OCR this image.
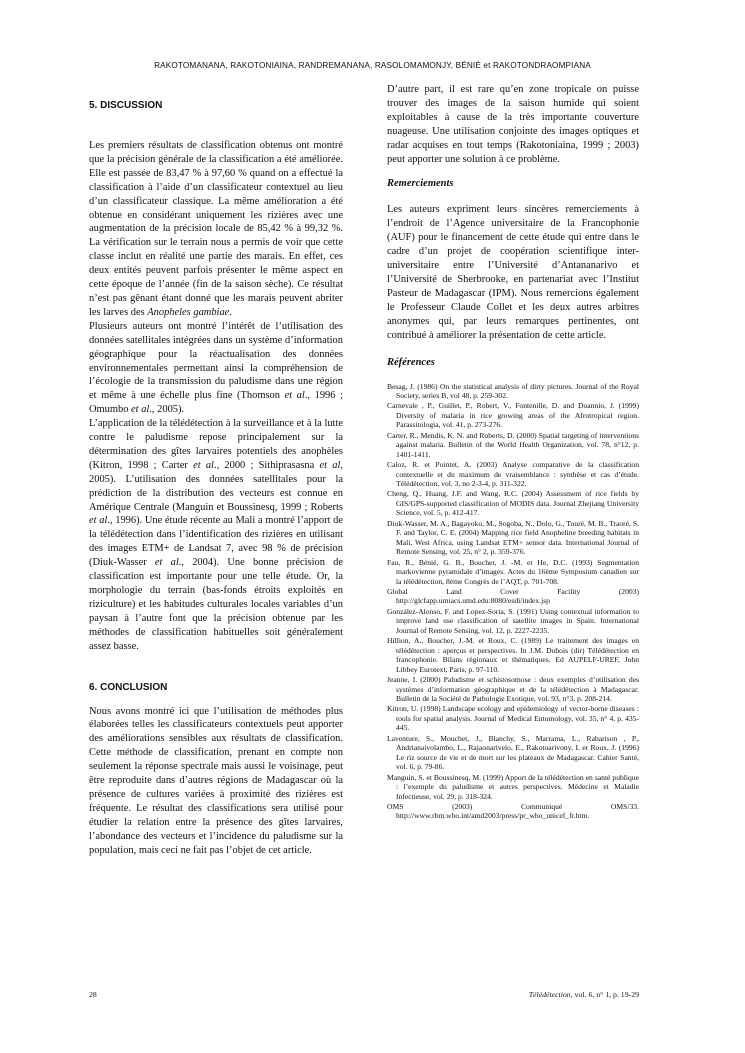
RAKOTOMANANA, RAKOTONIAINA, RANDREMANANA, RASOLOMAMONJY, BÉNIÉ et RAKOTONDRAOMPIANA

5. DISCUSSION

Les premiers résultats de classification obtenus ont montré que la précision générale de la classification a été améliorée. Elle est passée de 83,47 % à 97,60 % quand on a effectué la classification à l’aide d’un classificateur contextuel au lieu d’un classificateur classique. La même amélioration a été obtenue en considérant uniquement les rizières avec une augmentation de la précision locale de 85,42 % à 99,32 %. La vérification sur le terrain nous a permis de voir que cette classe inclut en réalité une partie des marais. En effet, ces deux entités peuvent parfois présenter le même aspect en cette époque de l’année (fin de la saison sèche). Ce résultat n’est pas gênant étant donné que les marais peuvent abriter les larves des Anopheles gambiae.

Plusieurs auteurs ont montré l’intérêt de l’utilisation des données satellitales intégrées dans un système d’information géographique pour la réactualisation des données environnementales permettant ainsi la compréhension de l’écologie de la transmission du paludisme dans une région et même à une échelle plus fine (Thomson et al., 1996 ; Omumbo et al., 2005).

L’application de la télédétection à la surveillance et à la lutte contre le paludisme repose principalement sur la détermination des gîtes larvaires potentiels des anophèles (Kitron, 1998 ; Carter et al., 2000 ; Sithiprasasna et al, 2005). L’utilisation des données satellitales pour la prédiction de la distribution des vecteurs est connue en Amérique Centrale (Manguin et Boussinesq, 1999 ; Roberts et al., 1996). Une étude récente au Mali a montré l’apport de la télédétection dans l’identification des rizières en utilisant des images ETM+ de Landsat 7, avec 98 % de précision (Diuk-Wasser et al., 2004). Une bonne précision de classification est importante pour une telle étude. Or, la morphologie du terrain (bas-fonds étroits exploités en riziculture) et les habitudes culturales locales variables d’un paysan à l’autre font que la précision obtenue par les méthodes de classification habituelles soit généralement assez basse.

6. CONCLUSION

Nous avons montré ici que l’utilisation de méthodes plus élaborées telles les classificateurs contextuels peut apporter des améliorations sensibles aux résultats de classification. Cette méthode de classification, prenant en compte non seulement la réponse spectrale mais aussi le voisinage, peut être reproduite dans d’autres régions de Madagascar où la présence de cultures variées à proximité des rizières est fréquente. Le résultat des classifications sera utilisé pour étudier la relation entre la présence des gîtes larvaires, l’abondance des vecteurs et l’incidence du paludisme sur la population, mais ceci ne fait pas l’objet de cet article.

D’autre part, il est rare qu’en zone tropicale on puisse trouver des images de la saison humide qui soient exploitables à cause de la très importante couverture nuageuse. Une utilisation conjointe des images optiques et radar acquises en tout temps (Rakotoniaina, 1999 ; 2003) peut apporter une solution à ce problème.

Remerciements

Les auteurs expriment leurs sincères remerciements à l’endroit de l’Agence universitaire de la Francophonie (AUF) pour le financement de cette étude qui entre dans le cadre d’un projet de coopération scientifique inter-universitaire entre l’Université d’Antananarivo et l’Université de Sherbrooke, en partenariat avec l’Institut Pasteur de Madagascar (IPM). Nous remercions également le Professeur Claude Collet et les deux autres arbitres anonymes qui, par leurs remarques pertinentes, ont contribué à améliorer la présentation de cette article.

Références

Besag, J. (1986) On the statistical analysis of dirty pictures. Journal of the Royal Society, series B, vol 48, p. 259-302.

Carnevale , P., Guillet, P., Robert, V., Fontenille, D. and Doannio, J. (1999) Diversity of malaria in rice growing areas of the Afrotropical region. Parassitologia, vol. 41, p. 273-276.

Carter, R., Mendis, K. N. and Roberts, D. (2000) Spatial targeting of interventions against malaria. Bulletin of the World Health Organization, vol. 78, n°12, p. 1401-1411.

Caloz, R. et Pointet, A. (2003) Analyse comparative de la classification contextuelle et du maximum de vraisemblance : synthèse et cas d’étude. Télédétection, vol. 3, no 2-3-4, p. 311-322.

Cheng, Q., Huang, J.F. and Wang, R.C. (2004) Assessment of rice fields by GIS/GPS-supported classification of MODIS data. Journal Zhejiang University Science, vol. 5, p. 412-417.

Diuk-Wasser, M. A., Bagayoko, M., Sogoba, N., Dolo, G., Touré, M. B., Traoré, S. F. and Taylor, C. E. (2004) Mapping rice field Anopheline breeding habitats in Mali, West Africa, using Landsat ETM+ sensor data. International Journal of Remote Sensing, vol. 25, n° 2, p. 359-376.

Fau, R., Bénié, G. B., Boucher, J. -M. et He, D.C. (1993) Segmentation markovienne pyramidale d’images. Actes du 16ème Symposium canadien sur la télédétection, 8ème Congrès de l’AQT, p. 701-708.

Global Land Cover Facility (2003) http://glcfapp.umiacs.umd.edu:8080/esdi/index.jsp

González-Alonso, F. and Lopez-Soria, S. (1991) Using contextual information to improve land use classification of satellite images in Spain. International Journal of Remote Sensing, vol. 12, p. 2227-2235.

Hillion, A., Boucher, J.-M. et Roux, C. (1989) Le traitement des images en télédétection : aperçus et perspectives. In J.M. Dubois (dir) Télédétection en francophonie. Bilans régionaux et thématiques. Ed AUPELF-UREF, John Libbey Eurotext, Paris, p. 97-110.

Jeanne, I. (2000) Paludisme et schistosomose : deux exemples d’utilisation des systèmes d’information géographique et de la télédétection à Madagascar. Bulletin de la Société de Pathologie Exotique, vol. 93, n°3, p. 208-214.

Kitron, U. (1998) Landscape ecology and epidemiology of vector-borne diseases : tools for spatial analysis. Journal of Medical Entomology, vol. 35, n° 4, p. 435-445.

Laventure, S., Mouchet, J., Blanchy, S., Marrama, L., Rabarison , P., Andrianaivolambo, L., Rajaonarivelo, E., Rakotoarivony, I. et Roux, J. (1996) Le riz source de vie et de mort sur les plateaux de Madagascar. Cahier Santé, vol. 6, p. 79-86.

Manguin, S. et Boussinesq, M. (1999) Apport de la télédétection en santé publique : l’exemple du paludisme et autres perspectives. Médecine et Maladie Infectieuse, vol. 29, p. 318-324.

OMS (2003) Communiqué OMS/33. http://www.rbm.who.int/amd2003/press/pr_who_unicef_fr.htm.

28	Télédétection, vol. 6, n° 1, p. 19-29
